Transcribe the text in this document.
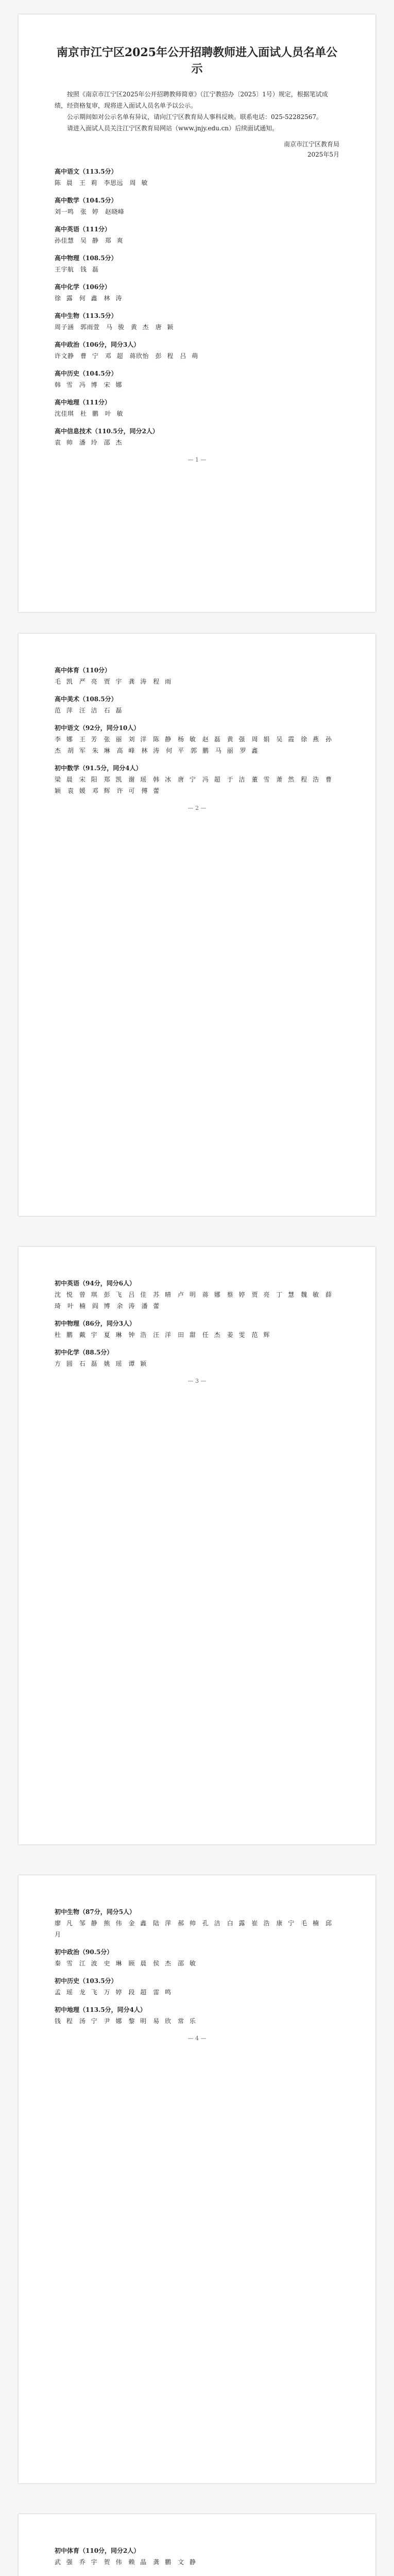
南京市江宁区2025年公开招聘教师进入面试人员名单公示

按照《南京市江宁区2025年公开招聘教师简章》（江宁教招办〔2025〕1号）规定，根据笔试成绩，经资格复审，现将进入面试人员名单予以公示。

公示期间如对公示名单有异议，请向江宁区教育局人事科反映。联系电话：025-52282567。

请进入面试人员关注江宁区教育局网站（www.jnjy.edu.cn）后续面试通知。

南京市江宁区教育局
2025年5月

高中语文（113.5分）

陈 晨　王 莉　李思远　周 敏

高中数学（104.5分）

刘一鸣　张 婷　赵晓峰

高中英语（111分）

孙佳慧　吴 静　郑 爽

高中物理（108.5分）

王宇航　钱 磊

高中化学（106分）

徐 露　何 鑫　林 涛

高中生物（113.5分）

周子涵　郭雨萱　马 骏　黄 杰　唐 颖

高中政治（106分，同分3人）

许文静　曹 宁　邓 超　蒋欣怡　彭 程　吕 萌

高中历史（104.5分）

韩 雪　冯 博　宋 娜

高中地理（111分）

沈佳琪　杜 鹏　叶 敏

高中信息技术（110.5分，同分2人）

袁 帅　潘 玲　邵 杰

— 1 —

高中体育（110分）

毛 凯　严 亮　贾 宇　龚 涛　程 雨

高中美术（108.5分）

范 萍　汪 洁　石 磊

初中语文（92分，同分10人）

李 娜　王 芳　张 丽　刘 洋　陈 静　杨 敏　赵 磊　黄 强　周 娟　吴 霞　徐 燕　孙 杰　胡 军　朱 琳　高 峰　林 涛　何 平　郭 鹏　马 丽　罗 鑫

初中数学（91.5分，同分4人）

梁 晨　宋 阳　郑 凯　谢 瑶　韩 冰　唐 宁　冯 超　于 洁　董 雪　萧 然　程 浩　曹 颖　袁 媛　邓 辉　许 可　傅 蕾

— 2 —

初中英语（94分，同分6人）

沈 悦　曾 琪　彭 飞　吕 佳　苏 晴　卢 明　蒋 娜　蔡 婷　贾 亮　丁 慧　魏 敏　薛 琦　叶 楠　阎 博　余 涛　潘 蕾

初中物理（86分，同分3人）

杜 鹏　戴 宇　夏 琳　钟 浩　汪 洋　田 甜　任 杰　姜 雯　范 辉

初中化学（88.5分）

方 圆　石 磊　姚 瑶　谭 颖

— 3 —

初中生物（87分，同分5人）

廖 凡　邹 静　熊 伟　金 鑫　陆 萍　郝 帅　孔 洁　白 露　崔 浩　康 宁　毛 楠　邱 月

初中政治（90.5分）

秦 雪　江 波　史 琳　顾 晨　侯 杰　邵 敏

初中历史（103.5分）

孟 瑶　龙 飞　万 婷　段 超　雷 鸣

初中地理（113.5分，同分4人）

钱 程　汤 宁　尹 娜　黎 明　易 欣　常 乐

— 4 —

初中体育（110分，同分2人）

武 强　乔 宇　贺 伟　赖 晶　龚 鹏　文 静
